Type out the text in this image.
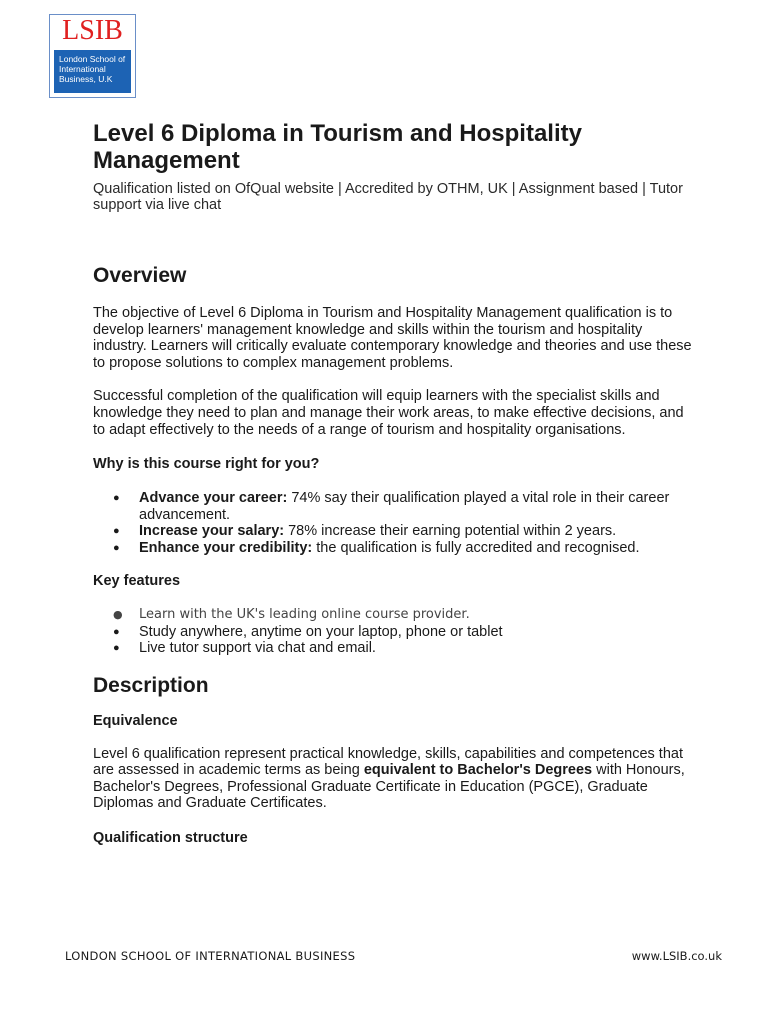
LSIB
London School of
International
Business, U.K
Level 6 Diploma in Tourism and Hospitality Management
Qualification listed on OfQual website | Accredited by OTHM, UK | Assignment based | Tutor support via live chat
Overview

The objective of Level 6 Diploma in Tourism and Hospitality Management qualification is to develop learners' management knowledge and skills within the tourism and hospitality industry. Learners will critically evaluate contemporary knowledge and theories and use these to propose solutions to complex management problems.

Successful completion of the qualification will equip learners with the specialist skills and knowledge they need to plan and manage their work areas, to make effective decisions, and to adapt effectively to the needs of a range of tourism and hospitality organisations.

Why is this course right for you?
● Advance your career: 74% say their qualification played a vital role in their career advancement.
● Increase your salary: 78% increase their earning potential within 2 years.
● Enhance your credibility: the qualification is fully accredited and recognised.
Key features
● Learn with the UK's leading online course provider.
● Study anywhere, anytime on your laptop, phone or tablet
● Live tutor support via chat and email.
Description
Equivalence

Level 6 qualification represent practical knowledge, skills, capabilities and competences that are assessed in academic terms as being equivalent to Bachelor's Degrees with Honours, Bachelor's Degrees, Professional Graduate Certificate in Education (PGCE), Graduate Diplomas and Graduate Certificates.

Qualification structure
LONDON SCHOOL OF INTERNATIONAL BUSINESS	www.LSIB.co.uk
